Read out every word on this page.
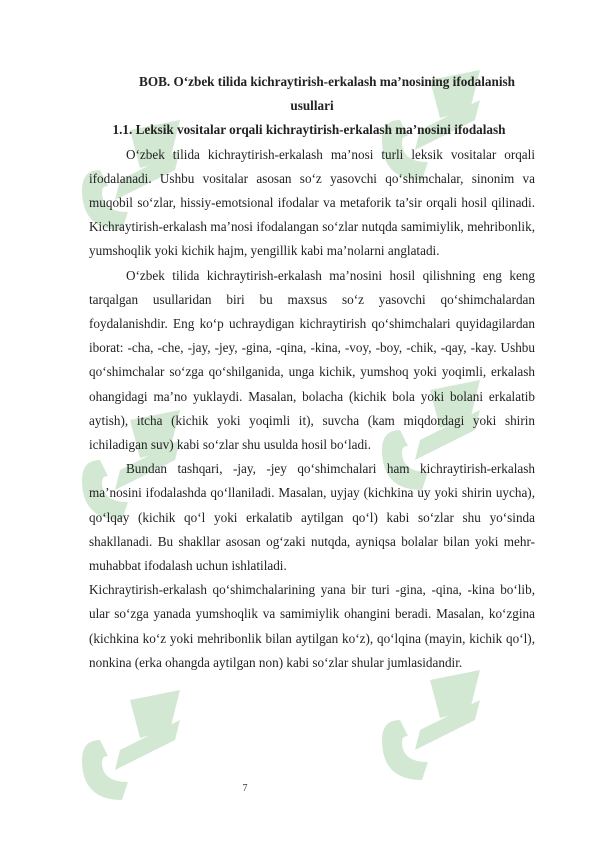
BOB. O‘zbek tilida kichraytirish-erkalash ma’nosining ifodalanish

usullari

1.1. Leksik vositalar orqali kichraytirish-erkalash ma’nosini ifodalash

O‘zbek tilida kichraytirish-erkalash ma’nosi turli leksik vositalar orqali ifodalanadi. Ushbu vositalar asosan so‘z yasovchi qo‘shimchalar, sinonim va muqobil so‘zlar, hissiy-emotsional ifodalar va metaforik ta’sir orqali hosil qilinadi. Kichraytirish-erkalash ma’nosi ifodalangan so‘zlar nutqda samimiylik, mehribonlik, yumshoqlik yoki kichik hajm, yengillik kabi ma’nolarni anglatadi.

O‘zbek tilida kichraytirish-erkalash ma’nosini hosil qilishning eng keng tarqalgan usullaridan biri bu maxsus so‘z yasovchi qo‘shimchalardan foydalanishdir. Eng ko‘p uchraydigan kichraytirish qo‘shimchalari quyidagilardan iborat: -cha, -che, -jay, -jey, -gina, -qina, -kina, -voy, -boy, -chik, -qay, -kay. Ushbu qo‘shimchalar so‘zga qo‘shilganida, unga kichik, yumshoq yoki yoqimli, erkalash ohangidagi ma’no yuklaydi. Masalan, bolacha (kichik bola yoki bolani erkalatib aytish), itcha (kichik yoki yoqimli it), suvcha (kam miqdordagi yoki shirin ichiladigan suv) kabi so‘zlar shu usulda hosil bo‘ladi.

Bundan tashqari, -jay, -jey qo‘shimchalari ham kichraytirish-erkalash ma’nosini ifodalashda qo‘llaniladi. Masalan, uyjay (kichkina uy yoki shirin uycha), qo‘lqay (kichik qo‘l yoki erkalatib aytilgan qo‘l) kabi so‘zlar shu yo‘sinda shakllanadi. Bu shakllar asosan og‘zaki nutqda, ayniqsa bolalar bilan yoki mehr-muhabbat ifodalash uchun ishlatiladi.

Kichraytirish-erkalash qo‘shimchalarining yana bir turi -gina, -qina, -kina bo‘lib, ular so‘zga yanada yumshoqlik va samimiylik ohangini beradi. Masalan, ko‘zgina (kichkina ko‘z yoki mehribonlik bilan aytilgan ko‘z), qo‘lqina (mayin, kichik qo‘l), nonkina (erka ohangda aytilgan non) kabi so‘zlar shular jumlasidandir.

7
